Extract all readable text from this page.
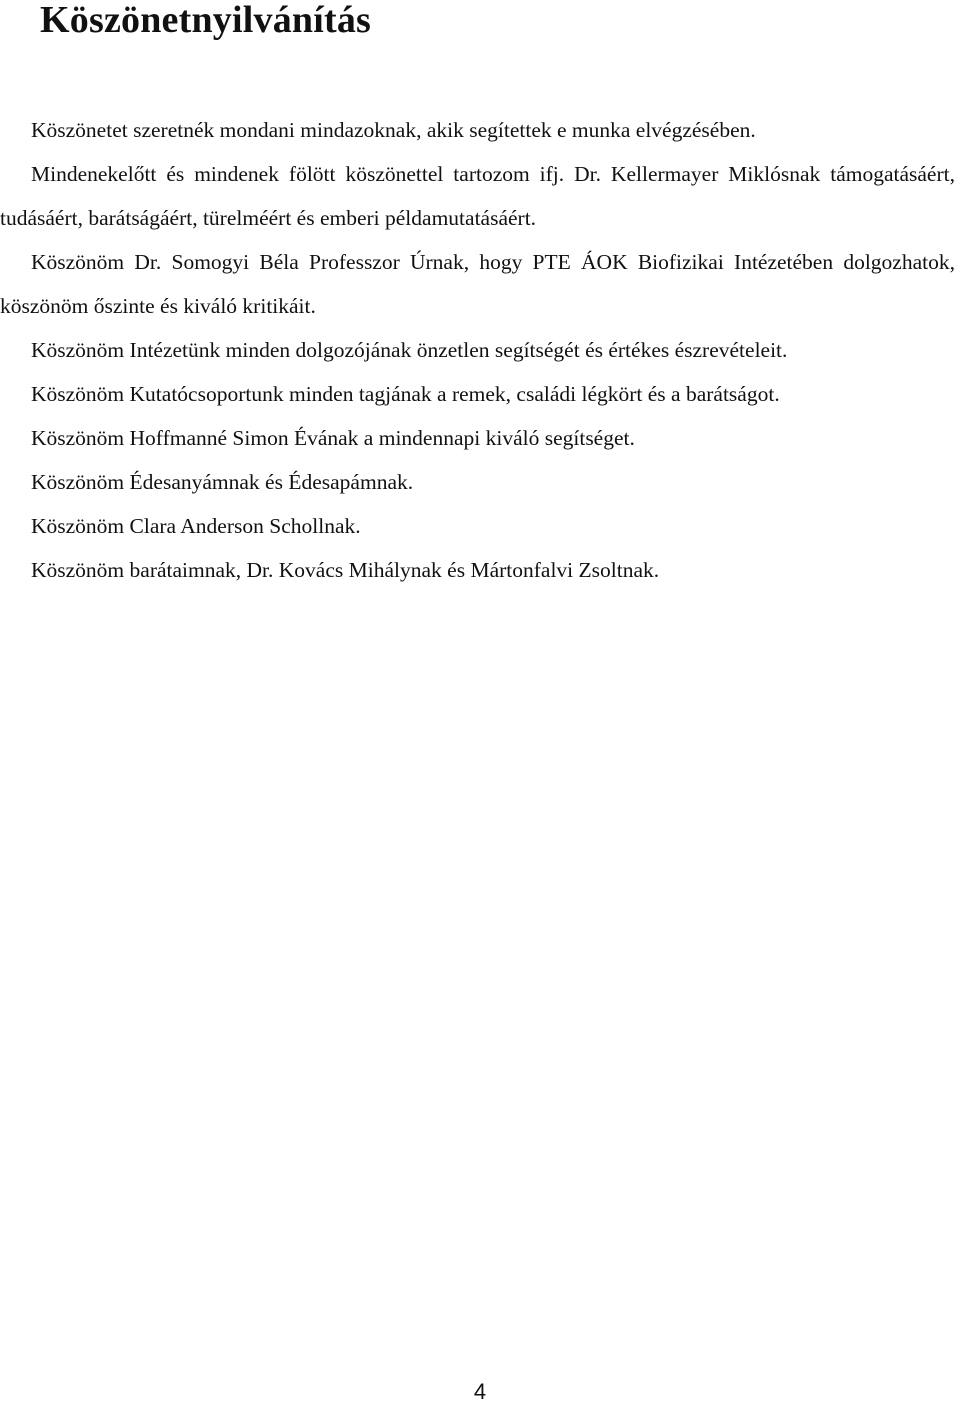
Köszönetnyilvánítás

Köszönetet szeretnék mondani mindazoknak, akik segítettek e munka elvégzésében.

Mindenekelőtt és mindenek fölött köszönettel tartozom ifj. Dr. Kellermayer Miklósnak támogatásáért, tudásáért, barátságáért, türelméért és emberi példamutatásáért.

Köszönöm Dr. Somogyi Béla Professzor Úrnak, hogy PTE ÁOK Biofizikai Intézetében dolgozhatok, köszönöm őszinte és kiváló kritikáit.

Köszönöm Intézetünk minden dolgozójának önzetlen segítségét és értékes észrevételeit.

Köszönöm Kutatócsoportunk minden tagjának a remek, családi légkört és a barátságot.

Köszönöm Hoffmanné Simon Évának a mindennapi kiváló segítséget.

Köszönöm Édesanyámnak és Édesapámnak.

Köszönöm Clara Anderson Schollnak.

Köszönöm barátaimnak, Dr. Kovács Mihálynak és Mártonfalvi Zsoltnak.

4
